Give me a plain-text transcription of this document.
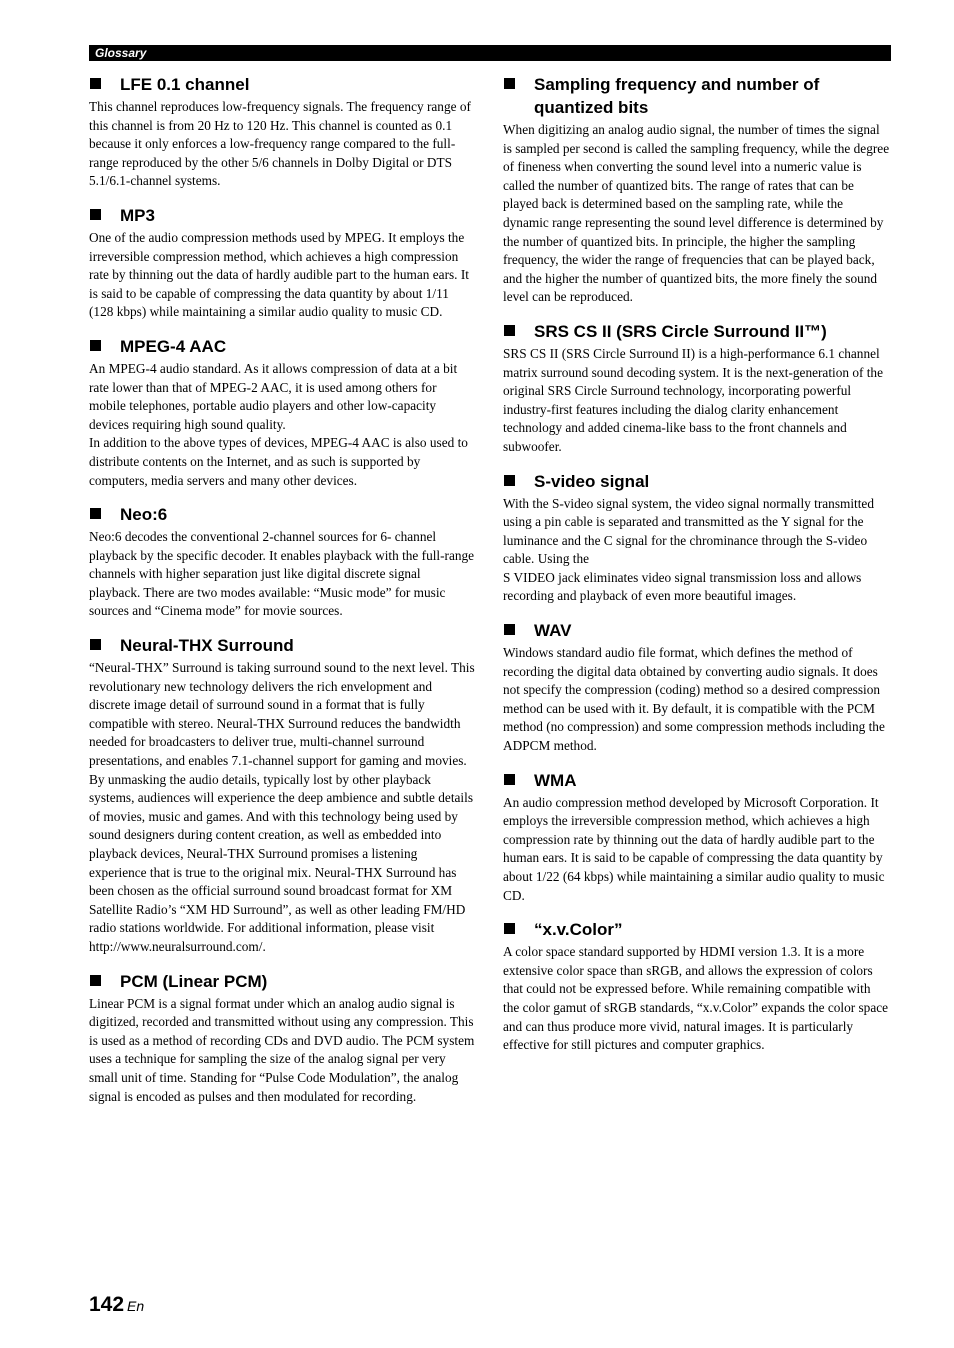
Glossary
LFE 0.1 channel

This channel reproduces low-frequency signals. The frequency range of this channel is from 20 Hz to 120 Hz. This channel is counted as 0.1 because it only enforces a low-frequency range compared to the full-range reproduced by the other 5/6 channels in Dolby Digital or DTS 5.1/6.1-channel systems.

MP3

One of the audio compression methods used by MPEG. It employs the irreversible compression method, which achieves a high compression rate by thinning out the data of hardly audible part to the human ears. It is said to be capable of compressing the data quantity by about 1/11 (128 kbps) while maintaining a similar audio quality to music CD.

MPEG-4 AAC

An MPEG-4 audio standard. As it allows compression of data at a bit rate lower than that of MPEG-2 AAC, it is used among others for mobile telephones, portable audio players and other low-capacity devices requiring high sound quality.

In addition to the above types of devices, MPEG-4 AAC is also used to distribute contents on the Internet, and as such is supported by computers, media servers and many other devices.

Neo:6

Neo:6 decodes the conventional 2-channel sources for 6- channel playback by the specific decoder. It enables playback with the full-range channels with higher separation just like digital discrete signal playback. There are two modes available: “Music mode” for music sources and “Cinema mode” for movie sources.

Neural-THX Surround

“Neural-THX” Surround is taking surround sound to the next level. This revolutionary new technology delivers the rich envelopment and discrete image detail of surround sound in a format that is fully compatible with stereo. Neural-THX Surround reduces the bandwidth needed for broadcasters to deliver true, multi-channel surround presentations, and enables 7.1-channel support for gaming and movies. By unmasking the audio details, typically lost by other playback systems, audiences will experience the deep ambience and subtle details of movies, music and games. And with this technology being used by sound designers during content creation, as well as embedded into playback devices, Neural-THX Surround promises a listening experience that is true to the original mix. Neural-THX Surround has been chosen as the official surround sound broadcast format for XM Satellite Radio’s “XM HD Surround”, as well as other leading FM/HD radio stations worldwide. For additional information, please visit http://www.neuralsurround.com/.

PCM (Linear PCM)

Linear PCM is a signal format under which an analog audio signal is digitized, recorded and transmitted without using any compression. This is used as a method of recording CDs and DVD audio. The PCM system uses a technique for sampling the size of the analog signal per very small unit of time. Standing for “Pulse Code Modulation”, the analog signal is encoded as pulses and then modulated for recording.

Sampling frequency and number of quantized bits

When digitizing an analog audio signal, the number of times the signal is sampled per second is called the sampling frequency, while the degree of fineness when converting the sound level into a numeric value is called the number of quantized bits. The range of rates that can be played back is determined based on the sampling rate, while the dynamic range representing the sound level difference is determined by the number of quantized bits. In principle, the higher the sampling frequency, the wider the range of frequencies that can be played back, and the higher the number of quantized bits, the more finely the sound level can be reproduced.

SRS CS II (SRS Circle Surround II™)

SRS CS II (SRS Circle Surround II) is a high-performance 6.1 channel matrix surround sound decoding system. It is the next-generation of the original SRS Circle Surround technology, incorporating powerful industry-first features including the dialog clarity enhancement technology and added cinema-like bass to the front channels and subwoofer.

S-video signal

With the S-video signal system, the video signal normally transmitted using a pin cable is separated and transmitted as the Y signal for the luminance and the C signal for the chrominance through the S-video cable. Using the

S VIDEO jack eliminates video signal transmission loss and allows recording and playback of even more beautiful images.

WAV

Windows standard audio file format, which defines the method of recording the digital data obtained by converting audio signals. It does not specify the compression (coding) method so a desired compression method can be used with it. By default, it is compatible with the PCM method (no compression) and some compression methods including the ADPCM method.

WMA

An audio compression method developed by Microsoft Corporation. It employs the irreversible compression method, which achieves a high compression rate by thinning out the data of hardly audible part to the human ears. It is said to be capable of compressing the data quantity by about 1/22 (64 kbps) while maintaining a similar audio quality to music CD.

“x.v.Color”

A color space standard supported by HDMI version 1.3. It is a more extensive color space than sRGB, and allows the expression of colors that could not be expressed before. While remaining compatible with the color gamut of sRGB standards, “x.v.Color” expands the color space and can thus produce more vivid, natural images. It is particularly effective for still pictures and computer graphics.

142 En
